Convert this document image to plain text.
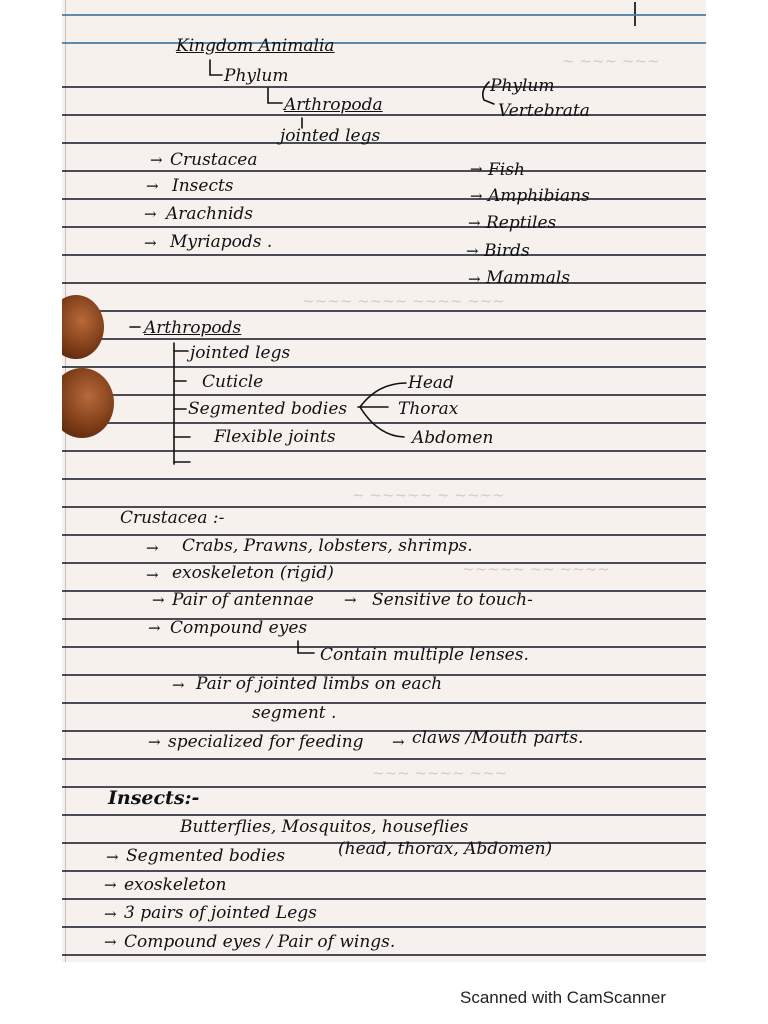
~ ~~~ ~~~
~~~~ ~~~~ ~~~~ ~~~
~ ~~~~~ ~ ~~~~
~~~~~ ~~ ~~~~
~~~ ~~~~ ~~~
→
→
→
→
→
→
→
→
→
→
→
→	→
→
→
→	→
→
→
→
→
Kingdom Animalia
Phylum
Arthropoda
jointed legs
Phylum
Vertebrata
Crustacea
Insects
Arachnids
Myriapods .
Fish
Amphibians
Reptiles
Birds
Mammals
Arthropods
jointed legs
Cuticle
Segmented bodies
Flexible joints
Head
Thorax
Abdomen
Crustacea :-
Crabs, Prawns, lobsters, shrimps.
exoskeleton (rigid)
Pair of antennae	Sensitive to touch-
Compound eyes
Contain multiple lenses.
Pair of jointed limbs on each
segment .
specialized for feeding	claws /Mouth parts.
Insects:-
Butterflies, Mosquitos, houseflies
Segmented bodies	(head, thorax, Abdomen)
exoskeleton
3 pairs of jointed Legs
Compound eyes / Pair of wings.
Scanned with CamScanner
